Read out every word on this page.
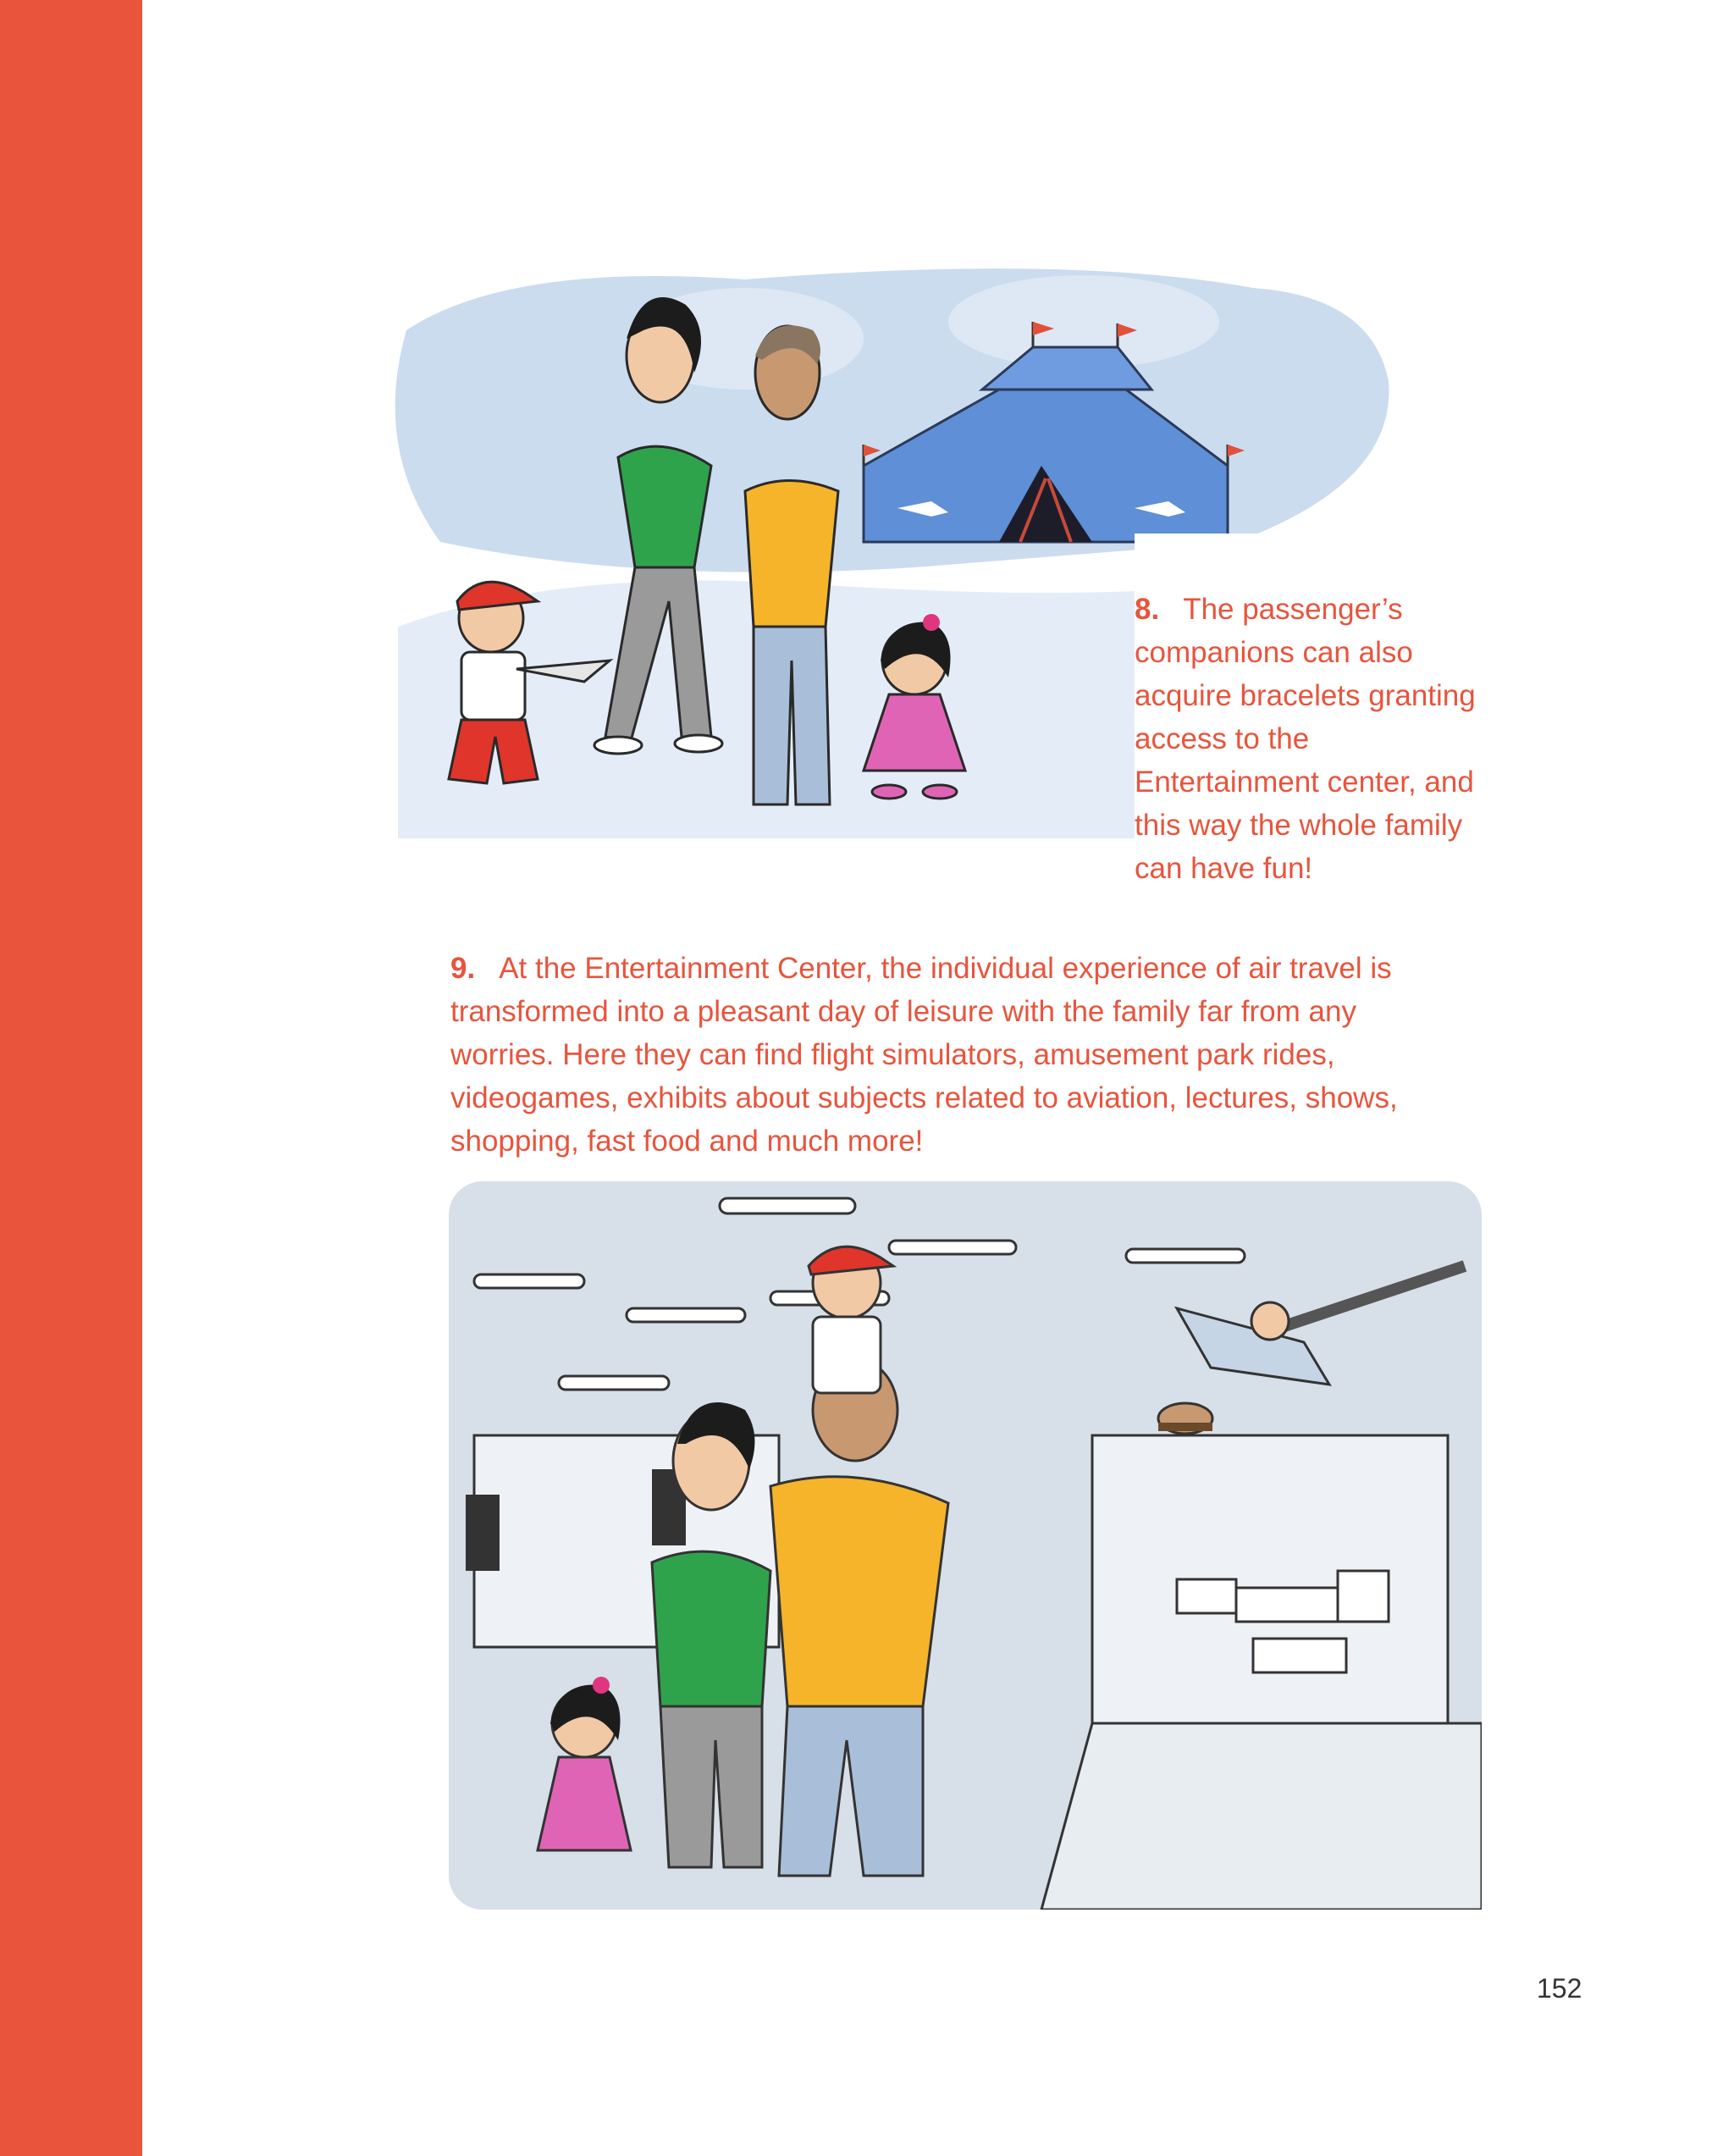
8. The passenger’s companions can also acquire bracelets granting access to the Entertainment center, and this way the whole family can have fun!

9. At the Entertainment Center, the individual experience of air travel is transformed into a pleasant day of leisure with the family far from any worries. Here they can find flight simulators, amusement park rides, videogames, exhibits about subjects related to aviation, lectures, shows, shopping, fast food and much more!

152
